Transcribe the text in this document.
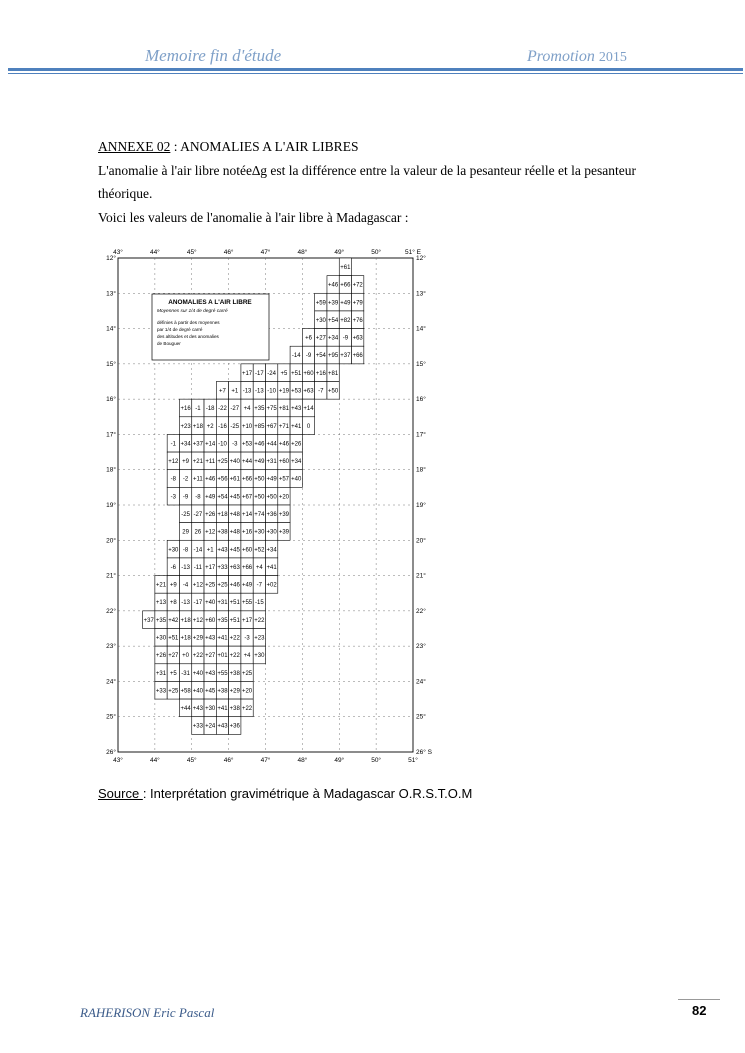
Memoire fin d'étude	Promotion 2015
ANNEXE 02 : ANOMALIES A L'AIR LIBRES
L'anomalie à l'air libre notée∆g est la différence entre la valeur de la pesanteur réelle et la pesanteur
théorique.
Voici les valeurs de l'anomalie à l'air libre à Madagascar :
+61
+46 +66 +72
+59 +39 +49 +79
+30 +54 +82 +76
+6 +27 +34 -9 +63
-14 -9 +54 +95 +37 +66
+17 -17 -24 +5 +51 +60 +16 +81
+7 +1 -13 -13 -10 +19 +53 +63 -7 +50
+16 -1 -18 -22 -27 +4 +35 +75 +81 +43 +14
+23 +18 +2 -16 -25 +10 +85 +67 +71 +41 0
-1 +34 +37 +14 -10 -3 +53 +46 +44 +46 +26
+12 +9 +21 +11 +25 +40 +44 +49 +31 +60 +34
-8 -2 +11 +46 +56 +61 +66 +50 +49 +57 +40
-3 -9 -8 +49 +54 +45 +67 +50 +50 +20
-25 -27 +26 +18 +48 +14 +74 +36 +39
29 26 +12 +38 +48 +16 +30 +30 +39
+30 -8 -14 +1 +43 +45 +60 +52 +34
-6 -13 -11 +17 +33 +63 +66 +4 +41
+21 +9 -4 +12 +25 +25 +46 +49 -7 +02
+13 +8 -13 -17 +40 +31 +51 +55 -15
+37 +35 +42 +18 +12 +60 +35 +51 +17 +22
+30 +51 +18 +29 +43 +41 +22 -3 +23
+26 +27 +0 +22 +27 +01 +22 +4 +30
+31 +5 -31 +40 +43 +55 +38 +25
+33 +25 +58 +40 +45 +38 +29 +20
+44 +43 +30 +41 +38 +22
+33 +24 +43 +36
43°	44°	45°	46°	47°	48°	49°	50°	51° E
43°	44°	45°	46°	47°	48°	49°	50°	51°
12°
13°
14°
15°
16°
17°
18°
19°
20°
21°
22°
23°
24°
25°
26°
12°
13°
14°
15°
16°
17°
18°
19°
20°
21°
22°
23°
24°
25°
26° S
ANOMALIES A L'AIR LIBRE
Moyennes sur 1/4 de degré carré
définies à partir des moyennes
par 1/4 de degré carré
des altitudes et des anomalies
de Bouguer
Source : Interprétation gravimétrique à Madagascar O.R.S.T.O.M
82
RAHERISON Eric Pascal
